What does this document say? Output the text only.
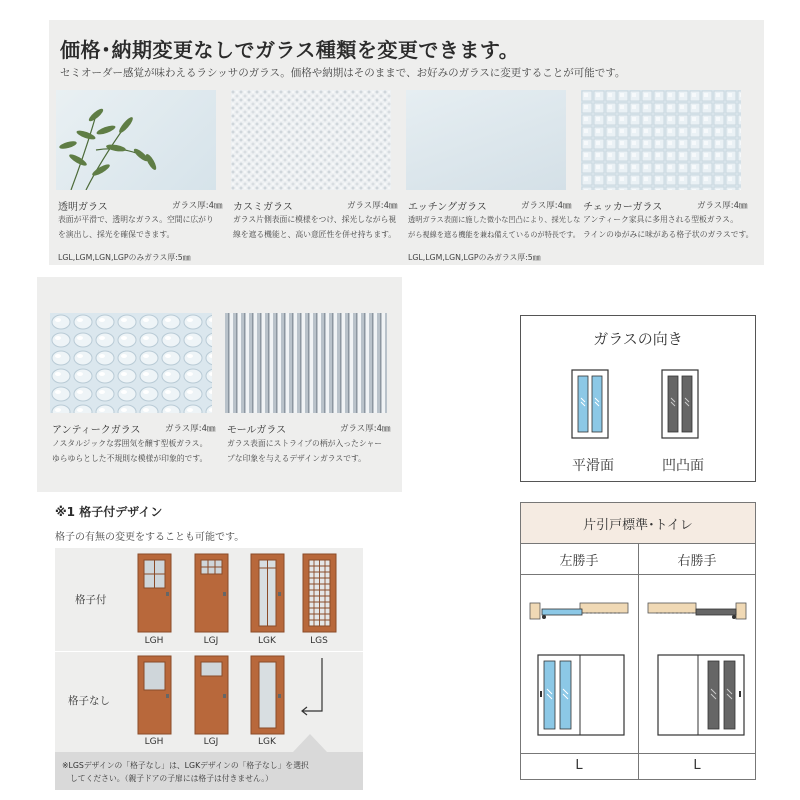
価格･納期変更なしでガラス種類を変更できます。
セミオーダー感覚が味わえるラシッサのガラス。価格や納期はそのままで、お好みのガラスに変更することが可能です。
透明ガラス	ガラス厚:4㎜
表面が平滑で、透明なガラス。空間に広がり
を演出し、採光を確保できます。
LGL,LGM,LGN,LGPのみガラス厚:5㎜
カスミガラス	ガラス厚:4㎜
ガラス片側表面に模様をつけ、採光しながら視
線を遮る機能と、高い意匠性を併せ持ちます。
エッチングガラス	ガラス厚:4㎜
透明ガラス表面に施した微小な凹凸により、採光しな
がら視線を遮る機能を兼ね備えているのが特長です。
LGL,LGM,LGN,LGPのみガラス厚:5㎜
チェッカーガラス	ガラス厚:4㎜
アンティーク家具に多用される型板ガラス。
ラインのゆがみに味がある格子状のガラスです。
アンティークガラス	ガラス厚:4㎜
ノスタルジックな雰囲気を醸す型板ガラス。
ゆらゆらとした不規則な模様が印象的です。
モールガラス	ガラス厚:4㎜
ガラス表面にストライプの柄が入ったシャー
プな印象を与えるデザインガラスです。
※1 格子付デザイン
格子の有無の変更をすることも可能です。
格子付
格子なし
LGH	LGJ	LGK	LGS
LGH	LGJ	LGK
※LGSデザインの「格子なし」は、LGKデザインの「格子なし」を選択
してください。（親子ドアの子扉には格子は付きません。）
ガラスの向き
平滑面	凹凸面
片引戸標準･トイレ
左勝手	右勝手
L	L
